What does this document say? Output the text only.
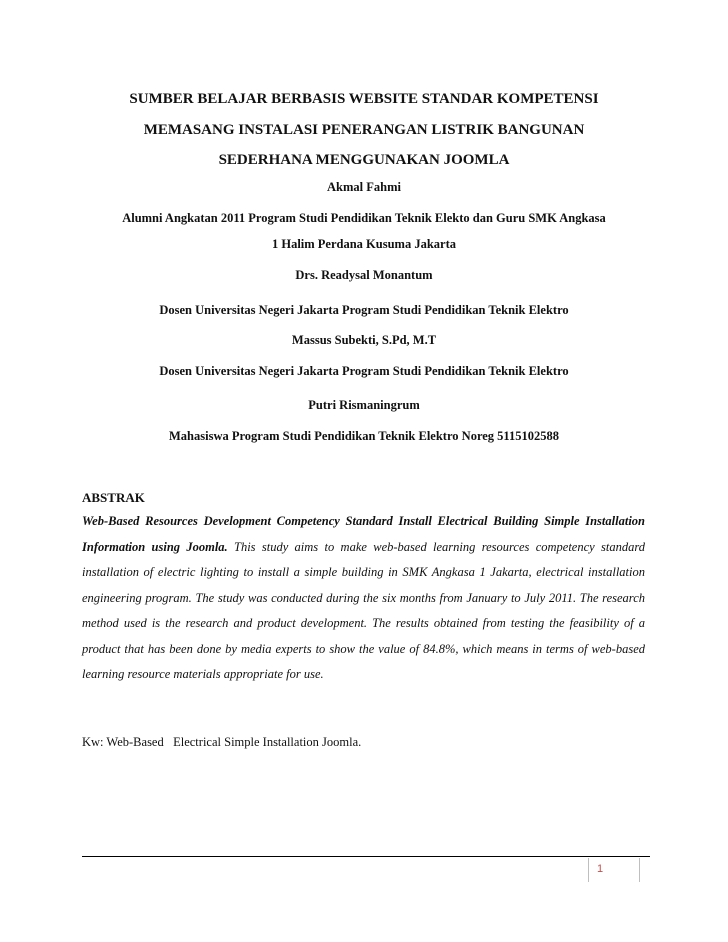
SUMBER BELAJAR BERBASIS WEBSITE STANDAR KOMPETENSI
MEMASANG INSTALASI PENERANGAN LISTRIK BANGUNAN
SEDERHANA MENGGUNAKAN JOOMLA

Akmal Fahmi

Alumni Angkatan 2011 Program Studi Pendidikan Teknik Elekto dan Guru SMK Angkasa

1 Halim Perdana Kusuma Jakarta

Drs. Readysal Monantum

Dosen Universitas Negeri Jakarta Program Studi Pendidikan Teknik Elektro

Massus Subekti, S.Pd, M.T

Dosen Universitas Negeri Jakarta Program Studi Pendidikan Teknik Elektro

Putri Rismaningrum

Mahasiswa Program Studi Pendidikan Teknik Elektro Noreg 5115102588

ABSTRAK

Web-Based Resources Development Competency Standard Install Electrical Building Simple Installation Information using Joomla. This study aims to make web-based learning resources competency standard installation of electric lighting to install a simple building in SMK Angkasa 1 Jakarta, electrical installation engineering program. The study was conducted during the six months from January to July 2011. The research method used is the research and product development. The results obtained from testing the feasibility of a product that has been done by media experts to show the value of 84.8%, which means in terms of web-based learning resource materials appropriate for use.

Kw: Web-Based   Electrical Simple Installation Joomla.

1
